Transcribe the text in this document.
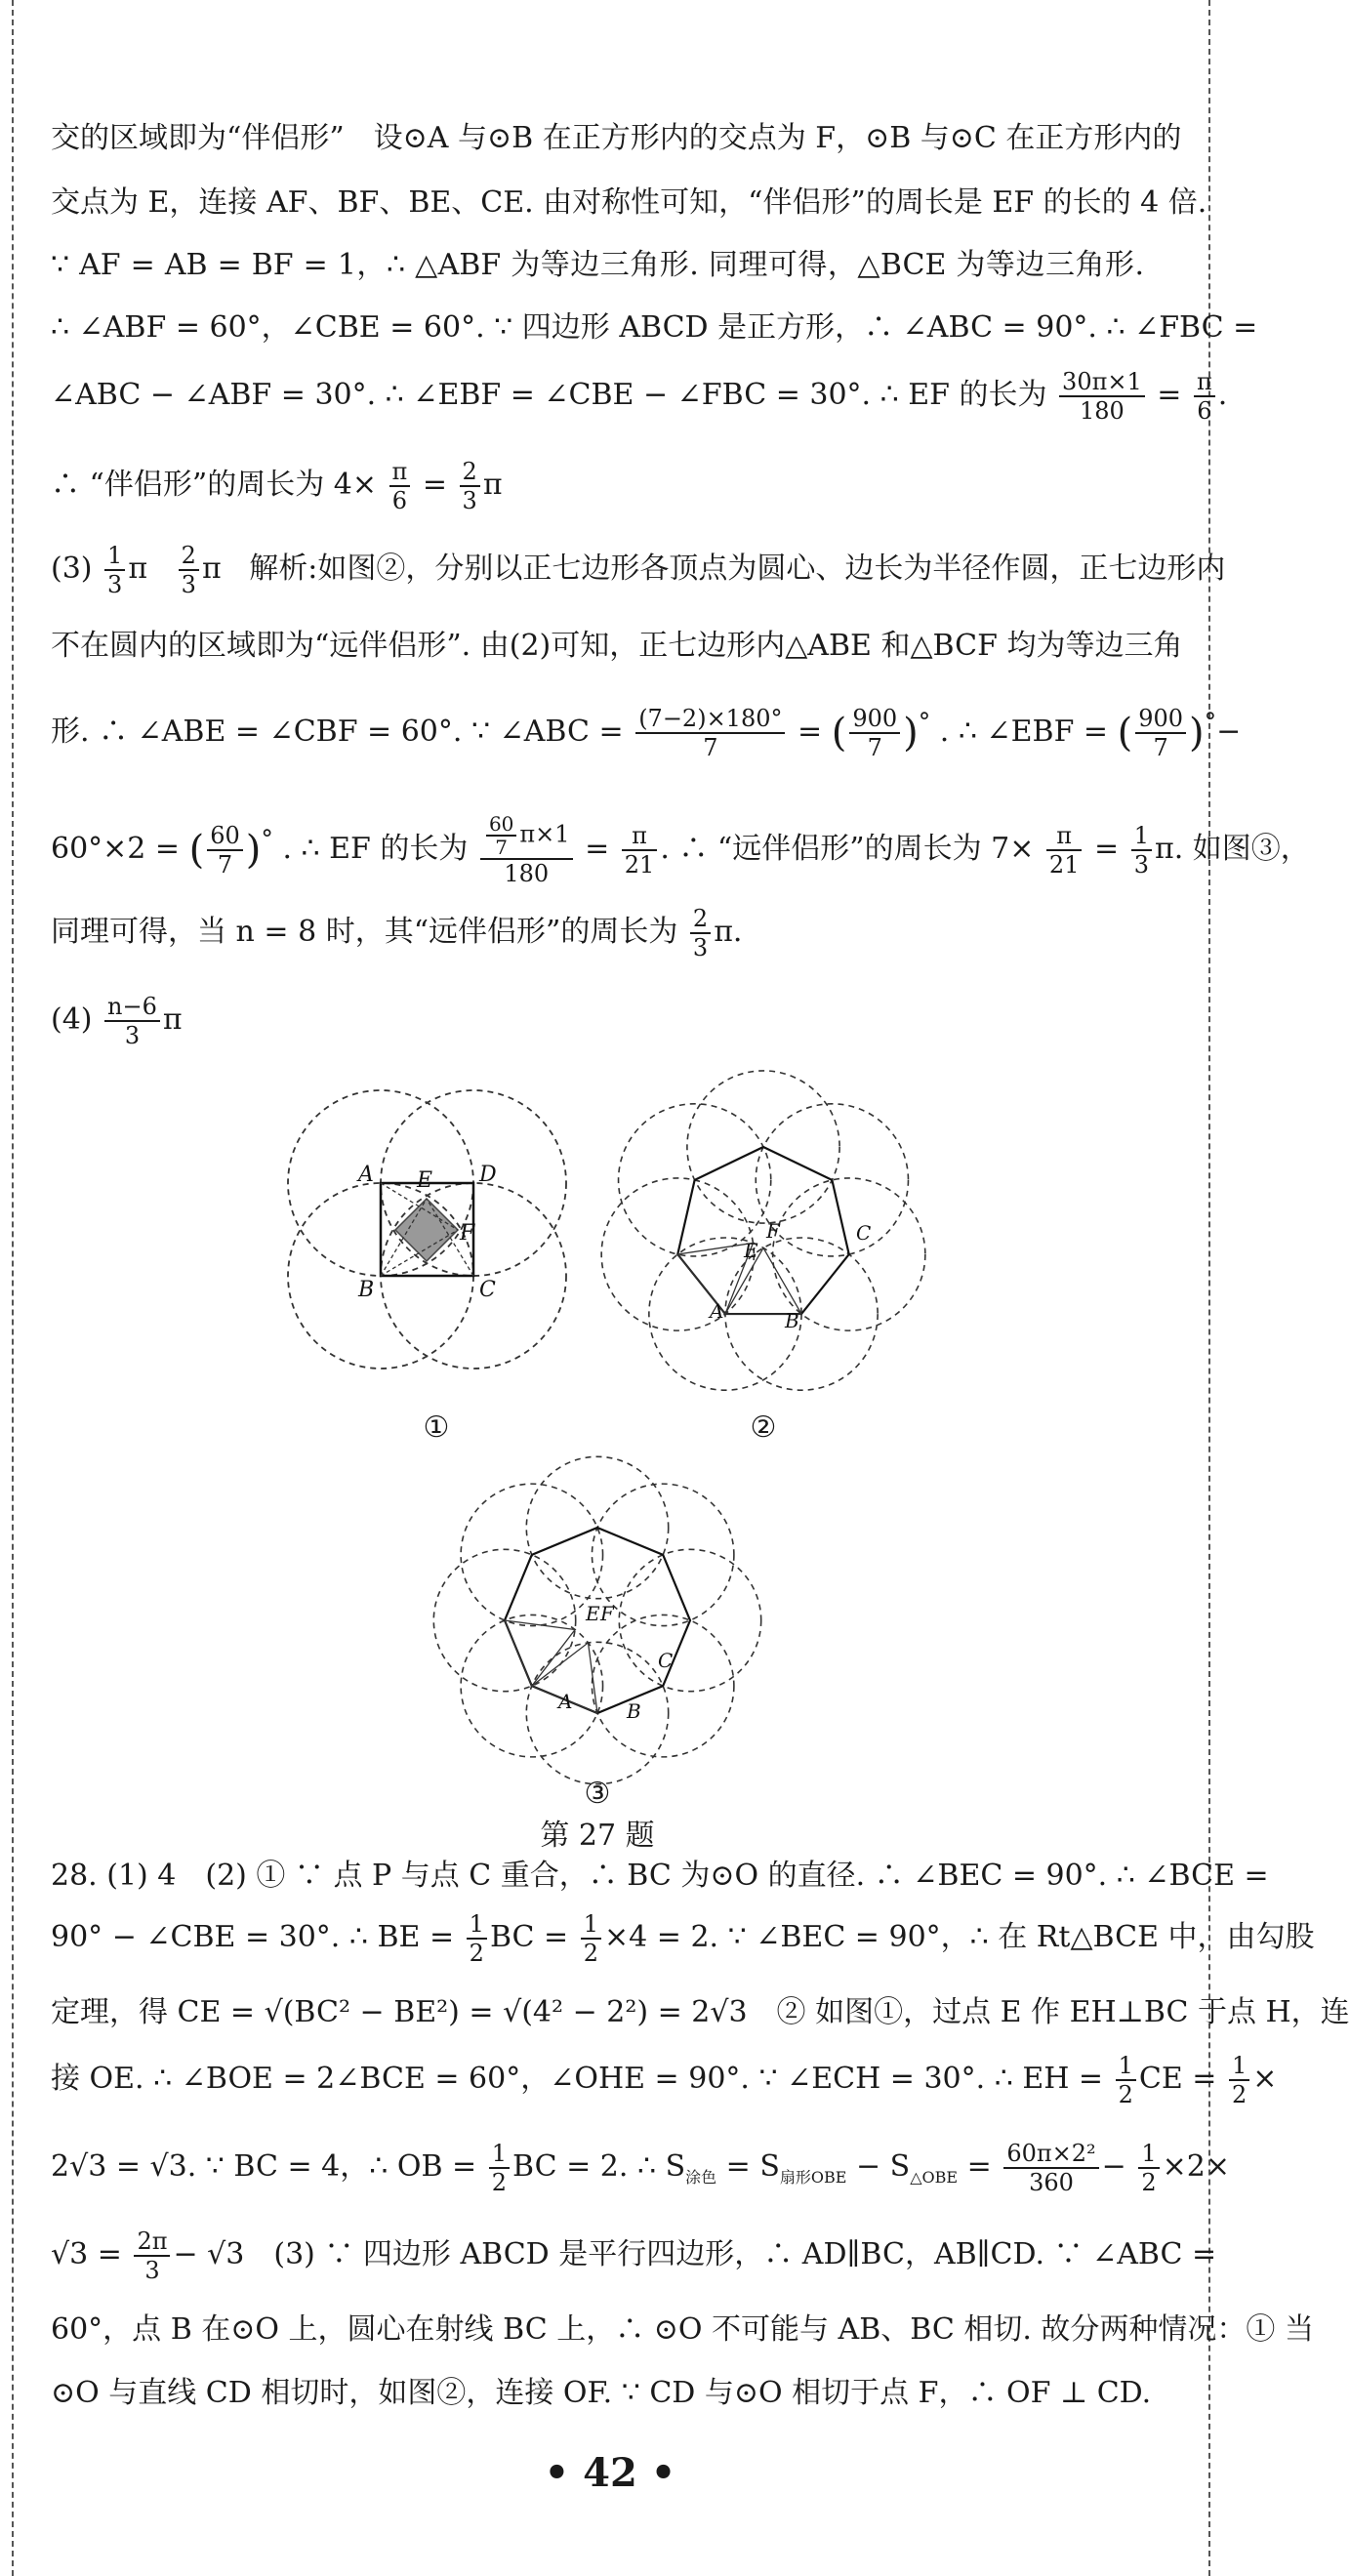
交的区域即为“伴侣形”　设⊙A 与⊙B 在正方形内的交点为 F，⊙B 与⊙C 在正方形内的
交点为 E，连接 AF、BF、BE、CE. 由对称性可知，“伴侣形”的周长是 EF 的长的 4 倍.
∵ AF = AB = BF = 1，∴ △ABF 为等边三角形. 同理可得，△BCE 为等边三角形.
∴ ∠ABF = 60°，∠CBE = 60°. ∵ 四边形 ABCD 是正方形，∴ ∠ABC = 90°. ∴ ∠FBC =
∠ABC − ∠ABF = 30°. ∴ ∠EBF = ∠CBE − ∠FBC = 30°. ∴ EF 的长为 $\frac{30\pi\times 1}{180} = \frac{\pi}{6}$ .
∴ “伴侣形”的周长为 $4\times \frac{\pi}{6} = \frac{2}{3}$ π
$(3) \frac{1}{3}$ π $\frac{2}{3}$ π 解析:如图②，分别以正七边形各顶点为圆心、边长为半径作圆，正七边形内
不在圆内的区域即为“远伴侣形”. 由(2)可知，正七边形内△ABE 和△BCF 均为等边三角
形. ∴ ∠ABE = ∠CBF = 60°. ∵ ∠ABC = $\frac{(7-2)\times 180^\circ}{7}$ = ( $\frac{900}{7} )^\circ$ . ∴ ∠EBF = ( $\frac{900}{7} )^\circ-$
60°×2 = ( $\frac{60}{7} )^\circ$ . ∴ EF 的长为 $\frac{\frac{60}{7} \pi\times 1}{180} = \frac{\pi}{21}$ . ∴ “远伴侣形”的周长为 $7\times \frac{\pi}{21} = \frac{1}{3} \pi$. 如图③，
同理可得，当 n = 8 时，其“远伴侣形”的周长为 $\frac{2}{3} \pi$.
$(4) \frac{n-6}{3}$ π
A E D
F
B	C
①
F
E
C
A	B
②
E F
C
A	B
③
第 27 题
28. (1) 4　(2) ① ∵ 点 P 与点 C 重合，∴ BC 为⊙O 的直径. ∴ ∠BEC = 90°. ∴ ∠BCE =
90° − ∠CBE = 30°. ∴ BE = $\frac{1}{2}$ BC = $\frac{1}{2} \times 4 = 2$. ∵ ∠BEC = 90°，∴ 在 Rt△BCE 中，由勾股
定理，得 CE = √(BC² − BE²) = √(4² − 2²) = 2√3　② 如图①，过点 E 作 EH⊥BC 于点 H，连
接 OE. ∴ ∠BOE = 2∠BCE = 60°，∠OHE = 90°. ∵ ∠ECH = 30°. ∴ EH = $\frac{1}{2}$ CE = $\frac{1}{2}$ ×
2√3 = √3. ∵ BC = 4，∴ OB = $\frac{1}{2}$ BC = 2. ∴ $S_{涂色} = S_{扇形OBE} - S_{\triangle OBE} = \frac{\text{60π×2²}}{360} - \frac{1}{2} \times 2\times$
$√3 = \frac{2\pi}{3} - √3$　(3) ∵ 四边形 ABCD 是平行四边形，∴ AD∥BC，AB∥CD. ∵ ∠ABC =
60°，点 B 在⊙O 上，圆心在射线 BC 上，∴ ⊙O 不可能与 AB、BC 相切. 故分两种情况：① 当
⊙O 与直线 CD 相切时，如图②，连接 OF. ∵ CD 与⊙O 相切于点 F，∴ OF ⊥ CD.
• 42 •
